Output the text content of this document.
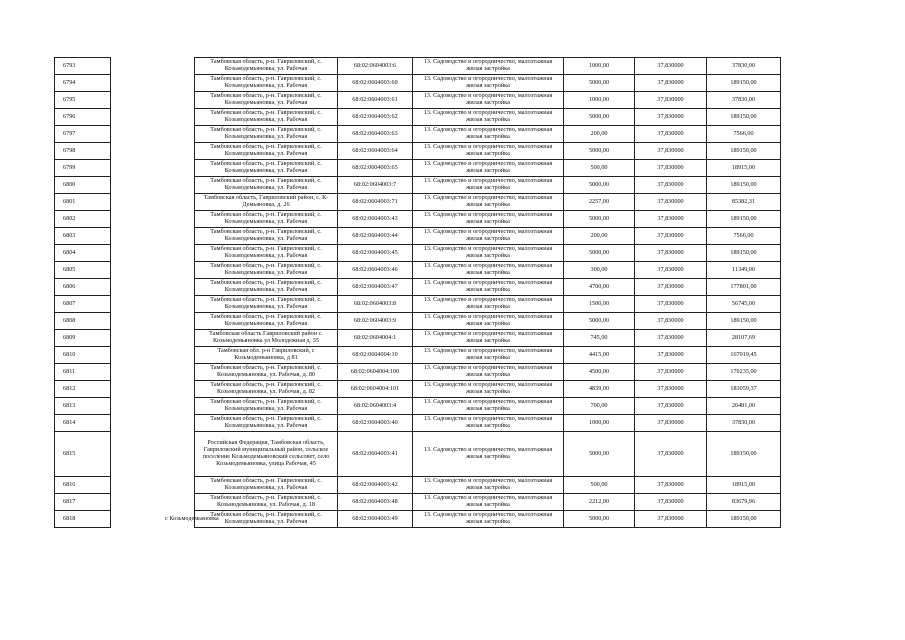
6793		Тамбовская область, р-н. Гавриловский, с. Козьмодемьяновка, ул. Рабочая	68:02:0604003:6	13. Садоводство и огородничество, малоэтажная жилая застройка	1000,00	37,830000	37830,00
6794		Тамбовская область, р-н. Гавриловский, с. Козьмодемьяновка, ул. Рабочая	68:02:0604003:60	13. Садоводство и огородничество, малоэтажная жилая застройка	5000,00	37,830000	189150,00
6795		Тамбовская область, р-н. Гавриловский, с. Козьмодемьяновка, ул. Рабочая	68:02:0604003:61	13. Садоводство и огородничество, малоэтажная жилая застройка	1000,00	37,830000	37830,00
6796		Тамбовская область, р-н. Гавриловский, с. Козьмодемьяновка, ул. Рабочая	68:02:0604003:62	13. Садоводство и огородничество, малоэтажная жилая застройка	5000,00	37,830000	189150,00
6797		Тамбовская область, р-н. Гавриловский, с. Козьмодемьяновка, ул. Рабочая	68:02:0604003:63	13. Садоводство и огородничество, малоэтажная жилая застройка	200,00	37,830000	7566,00
6798		Тамбовская область, р-н. Гавриловский, с. Козьмодемьяновка, ул. Рабочая	68:02:0604003:64	13. Садоводство и огородничество, малоэтажная жилая застройка	5000,00	37,830000	189150,00
6799		Тамбовская область, р-н. Гавриловский, с. Козьмодемьяновка, ул. Рабочая	68:02:0604003:65	13. Садоводство и огородничество, малоэтажная жилая застройка	500,00	37,830000	18915,00
6800		Тамбовская область, р-н. Гавриловский, с. Козьмодемьяновка, ул. Рабочая	68:02:0604003:7	13. Садоводство и огородничество, малоэтажная жилая застройка	5000,00	37,830000	189150,00
6801		Тамбовская область, Гавриловский район, с. К-Демьяновка, д. 26	68:02:0604003:71	13. Садоводство и огородничество, малоэтажная жилая застройка	2257,00	37,830000	85382,31
6802		Тамбовская область, р-н. Гавриловский, с. Козьмодемьяновка, ул. Рабочая	68:02:0604003:43	13. Садоводство и огородничество, малоэтажная жилая застройка	5000,00	37,830000	189150,00
6803		Тамбовская область, р-н. Гавриловский, с. Козьмодемьяновка, ул. Рабочая	68:02:0604003:44	13. Садоводство и огородничество, малоэтажная жилая застройка	200,00	37,830000	7566,00
6804		Тамбовская область, р-н. Гавриловский, с. Козьмодемьяновка, ул. Рабочая	68:02:0604003:45	13. Садоводство и огородничество, малоэтажная жилая застройка	5000,00	37,830000	189150,00
6805		Тамбовская область, р-н. Гавриловский, с. Козьмодемьяновка, ул. Рабочая	68:02:0604003:46	13. Садоводство и огородничество, малоэтажная жилая застройка	300,00	37,830000	11349,00
6806		Тамбовская область, р-н. Гавриловский, с. Козьмодемьяновка, ул. Рабочая	68:02:0604003:47	13. Садоводство и огородничество, малоэтажная жилая застройка	4700,00	37,830000	177801,00
6807		Тамбовская область, р-н. Гавриловский, с. Козьмодемьяновка, ул. Рабочая	68:02:0604003:8	13. Садоводство и огородничество, малоэтажная жилая застройка	1500,00	37,830000	56745,00
6808		Тамбовская область, р-н. Гавриловский, с. Козьмодемьяновка, ул. Рабочая	68:02:0604003:9	13. Садоводство и огородничество, малоэтажная жилая застройка	5000,00	37,830000	189150,00
6809		Тамбовская область Гавриловский район с. Козьмодемьяновка ул Молодежная д. 35	68:02:0604004:1	13. Садоводство и огородничество, малоэтажная жилая застройка	745,00	37,830000	28107,69
6810		Тамбовская обл. р-н Гавриловский, с Козьмодемьяновка, д 81	68:02:0604004:10	13. Садоводство и огородничество, малоэтажная жилая застройка	4415,00	37,830000	167019,45
6811		Тамбовская область, р-н. Гавриловский, с. Козьмодемьяновка, ул. Рабочая, д. 80	68:02:0604004:100	13. Садоводство и огородничество, малоэтажная жилая застройка	4500,00	37,830000	170235,00
6812		Тамбовская область, р-н. Гавриловский, с. Козьмодемьяновка, ул. Рабочая, д. 82	68:02:0604004:101	13. Садоводство и огородничество, малоэтажная жилая застройка	4839,00	37,830000	183059,37
6813		Тамбовская область, р-н. Гавриловский, с. Козьмодемьяновка, ул. Рабочая	68:02:0604003:4	13. Садоводство и огородничество, малоэтажная жилая застройка	700,00	37,830000	26481,00
6814		Тамбовская область, р-н. Гавриловский, с. Козьмодемьяновка, ул. Рабочая	68:02:0604003:40	13. Садоводство и огородничество, малоэтажная жилая застройка	1000,00	37,830000	37830,00
6815		Российская Федерация, Тамбовская область, Гавриловский муниципальный район, сельское поселение Козьмодемьяновский сельсовет, село Козьмодемьяновка, улица Рабочая, 45	68:02:0604003:41	13. Садоводство и огородничество, малоэтажная жилая застройка	5000,00	37,830000	189150,00
6816		Тамбовская область, р-н. Гавриловский, с. Козьмодемьяновка, ул. Рабочая	68:02:0604003:42	13. Садоводство и огородничество, малоэтажная жилая застройка	500,00	37,830000	18915,00
6817		Тамбовская область, р-н. Гавриловский, с. Козьмодемьяновка, ул. Рабочая, д. 18	68:02:0604003:48	13. Садоводство и огородничество, малоэтажная жилая застройка	2212,00	37,830000	83679,96
6818	с Козьмодемьяновка	Тамбовская область, р-н. Гавриловский, с. Козьмодемьяновка, ул. Рабочая	68:02:0604003:49	13. Садоводство и огородничество, малоэтажная жилая застройка	5000,00	37,830000	189150,00
